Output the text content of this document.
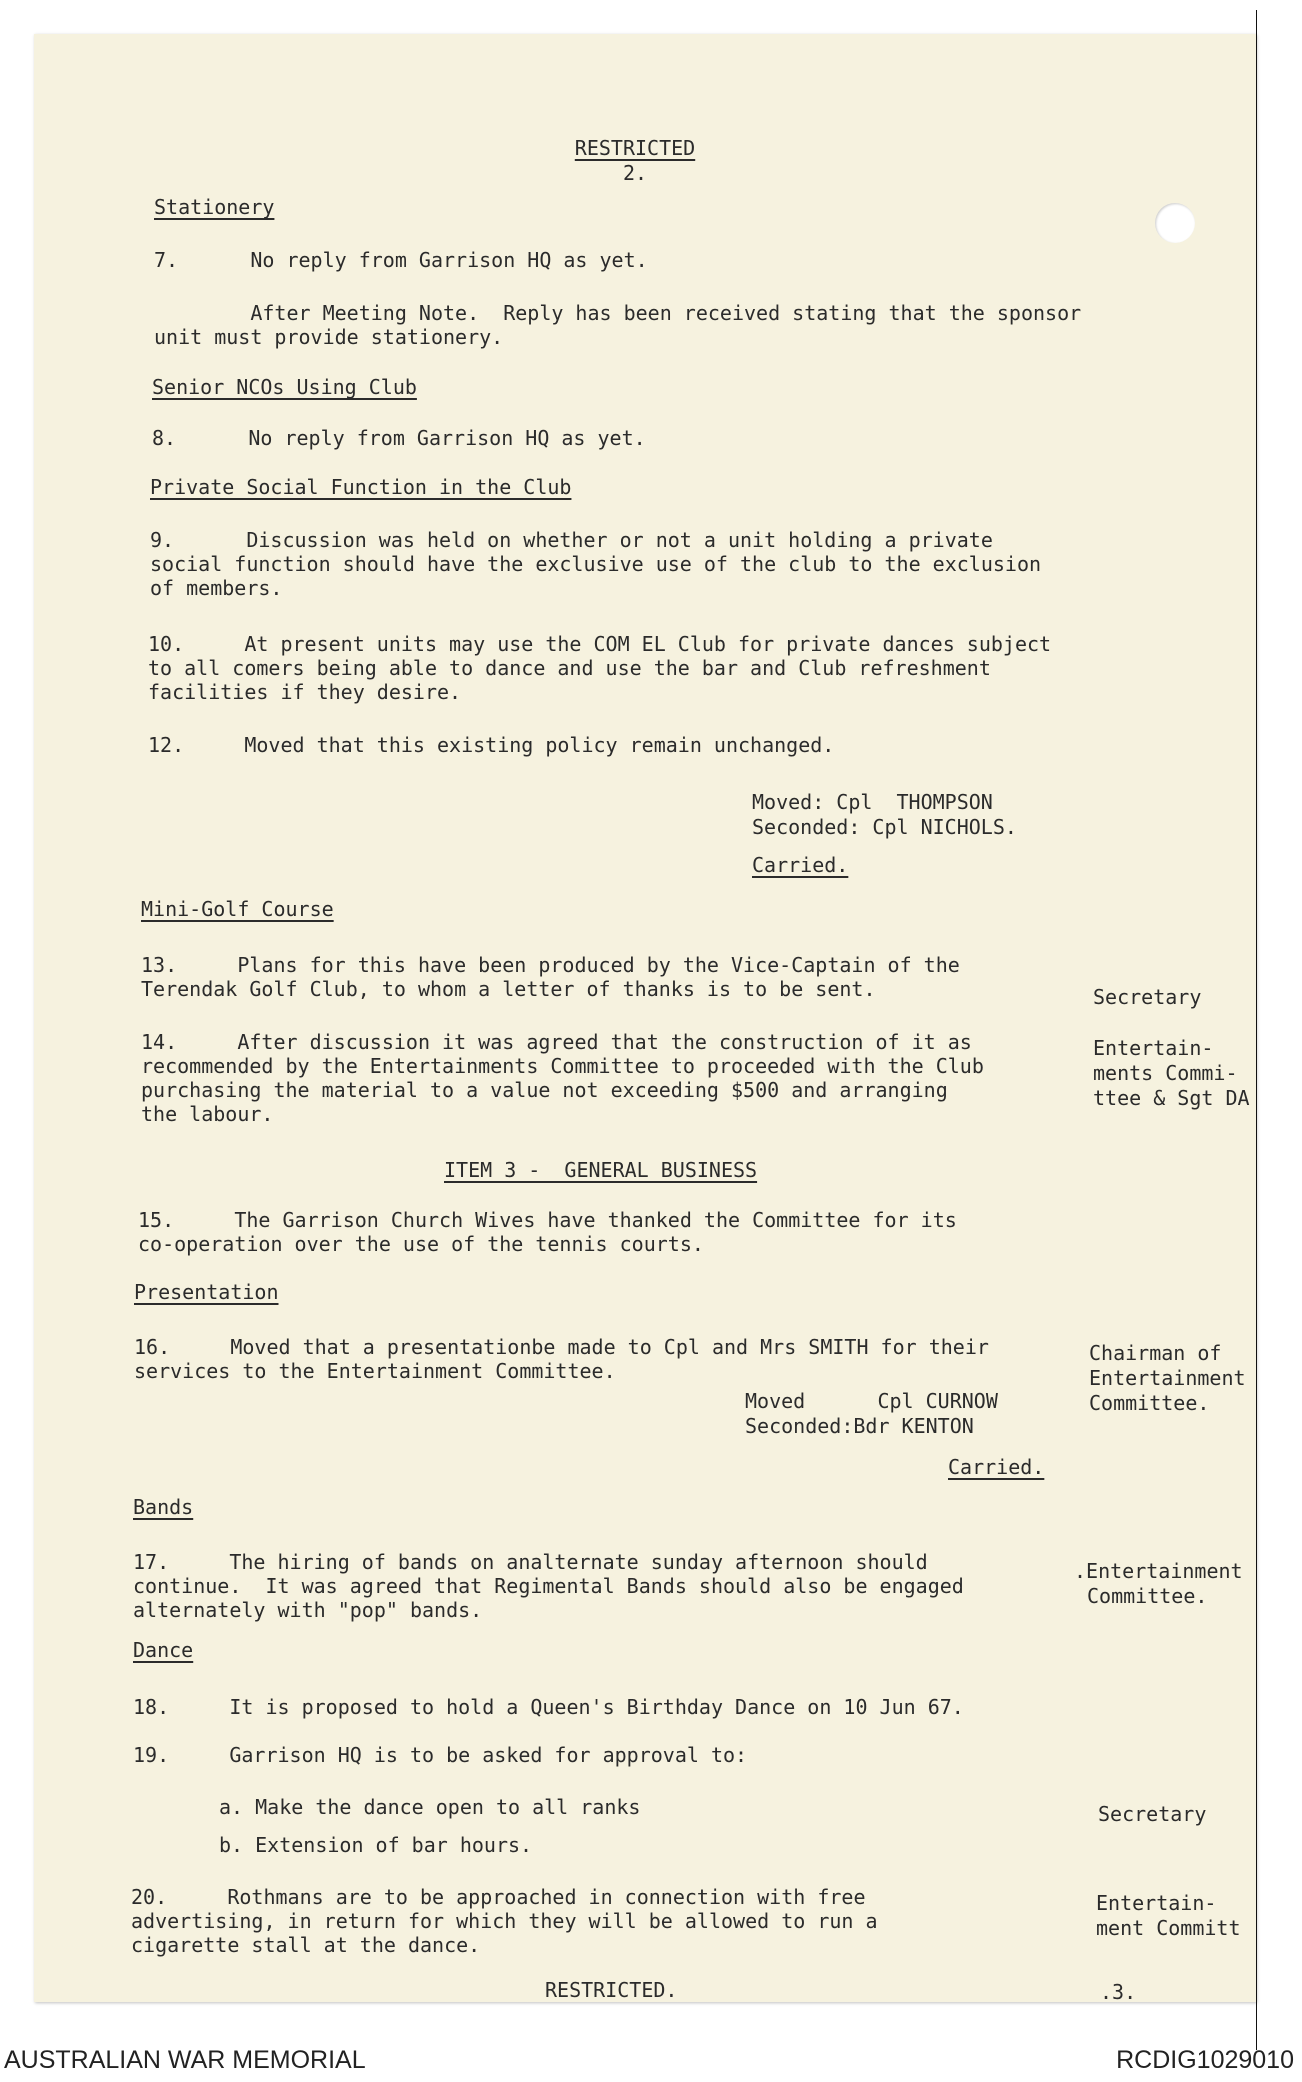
RESTRICTED
2.
Stationery
7.      No reply from Garrison HQ as yet.
After Meeting Note.  Reply has been received stating that the sponsor
unit must provide stationery.
Senior NCOs Using Club
8.      No reply from Garrison HQ as yet.
Private Social Function in the Club
9.      Discussion was held on whether or not a unit holding a private
social function should have the exclusive use of the club to the exclusion
of members.
10.     At present units may use the COM EL Club for private dances subject
to all comers being able to dance and use the bar and Club refreshment
facilities if they desire.
12.     Moved that this existing policy remain unchanged.
Moved: Cpl  THOMPSON
Seconded: Cpl NICHOLS.
Carried.
Mini-Golf Course
13.     Plans for this have been produced by the Vice-Captain of the
Terendak Golf Club, to whom a letter of thanks is to be sent.	Secretary
14.     After discussion it was agreed that the construction of it as
recommended by the Entertainments Committee to proceeded with the Club
purchasing the material to a value not exceeding $500 and arranging
the labour.
Entertain-
ments Commi-
ttee & Sgt DA
ITEM 3 -  GENERAL BUSINESS
15.     The Garrison Church Wives have thanked the Committee for its
co-operation over the use of the tennis courts.
Presentation
16.     Moved that a presentationbe made to Cpl and Mrs SMITH for their
services to the Entertainment Committee.
Moved      Cpl CURNOW
Seconded:Bdr KENTON
Carried.
Chairman of
Entertainment
Committee.
Bands
17.     The hiring of bands on analternate sunday afternoon should
continue.  It was agreed that Regimental Bands should also be engaged
alternately with "pop" bands.
.Entertainment
Committee.
Dance
18.     It is proposed to hold a Queen's Birthday Dance on 10 Jun 67.
19.     Garrison HQ is to be asked for approval to:
a. Make the dance open to all ranks
b. Extension of bar hours.
Secretary
20.     Rothmans are to be approached in connection with free
advertising, in return for which they will be allowed to run a
cigarette stall at the dance.
Entertain-
ment Committ
RESTRICTED.	.3.
AUSTRALIAN WAR MEMORIAL	RCDIG1029010
